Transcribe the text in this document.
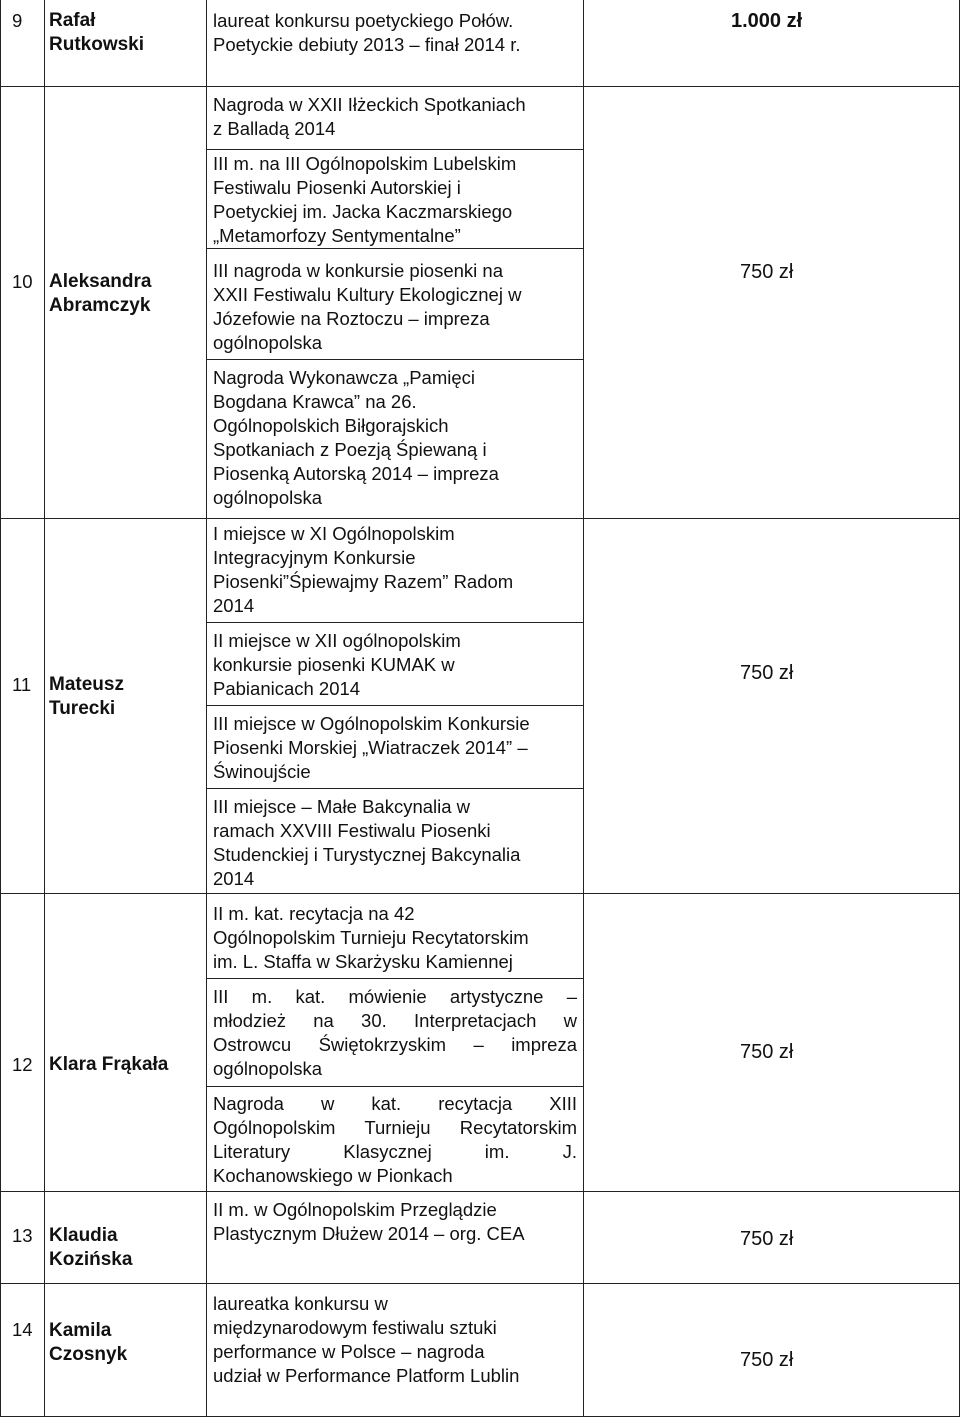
9 Rafał
Rutkowski
laureat konkursu poetyckiego Połów.
Poetyckie debiuty 2013 – finał 2014 r.
1.000 zł
10 Aleksandra
Abramczyk
Nagroda w XXII Iłżeckich Spotkaniach
z Balladą 2014
III m. na III Ogólnopolskim Lubelskim
Festiwalu Piosenki Autorskiej i
Poetyckiej im. Jacka Kaczmarskiego
„Metamorfozy Sentymentalne”
III nagroda w konkursie piosenki na
XXII Festiwalu Kultury Ekologicznej w
Józefowie na Roztoczu – impreza
ogólnopolska
Nagroda Wykonawcza „Pamięci
Bogdana Krawca” na 26.
Ogólnopolskich Biłgorajskich
Spotkaniach z Poezją Śpiewaną i
Piosenką Autorską 2014 – impreza
ogólnopolska
750 zł
11 Mateusz
Turecki
I miejsce w XI Ogólnopolskim
Integracyjnym Konkursie
Piosenki”Śpiewajmy Razem” Radom
2014
II miejsce w XII ogólnopolskim
konkursie piosenki KUMAK w
Pabianicach 2014
III miejsce w Ogólnopolskim Konkursie
Piosenki Morskiej „Wiatraczek 2014” –
Świnoujście
III miejsce – Małe Bakcynalia w
ramach XXVIII Festiwalu Piosenki
Studenckiej i Turystycznej Bakcynalia
2014
750 zł
12 Klara Frąkała
II m. kat. recytacja na 42
Ogólnopolskim Turnieju Recytatorskim
im. L. Staffa w Skarżysku Kamiennej
III m. kat. mówienie artystyczne –
młodzież na 30. Interpretacjach w
Ostrowcu Świętokrzyskim – impreza
ogólnopolska
Nagroda w kat. recytacja XIII
Ogólnopolskim Turnieju Recytatorskim
Literatury Klasycznej im. J.
Kochanowskiego w Pionkach
750 zł
13 Klaudia
Kozińska
II m. w Ogólnopolskim Przeglądzie
Plastycznym Dłużew 2014 – org. CEA	750 zł
14 Kamila
Czosnyk
laureatka konkursu w
międzynarodowym festiwalu sztuki
performance w Polsce – nagroda
udział w Performance Platform Lublin
750 zł
